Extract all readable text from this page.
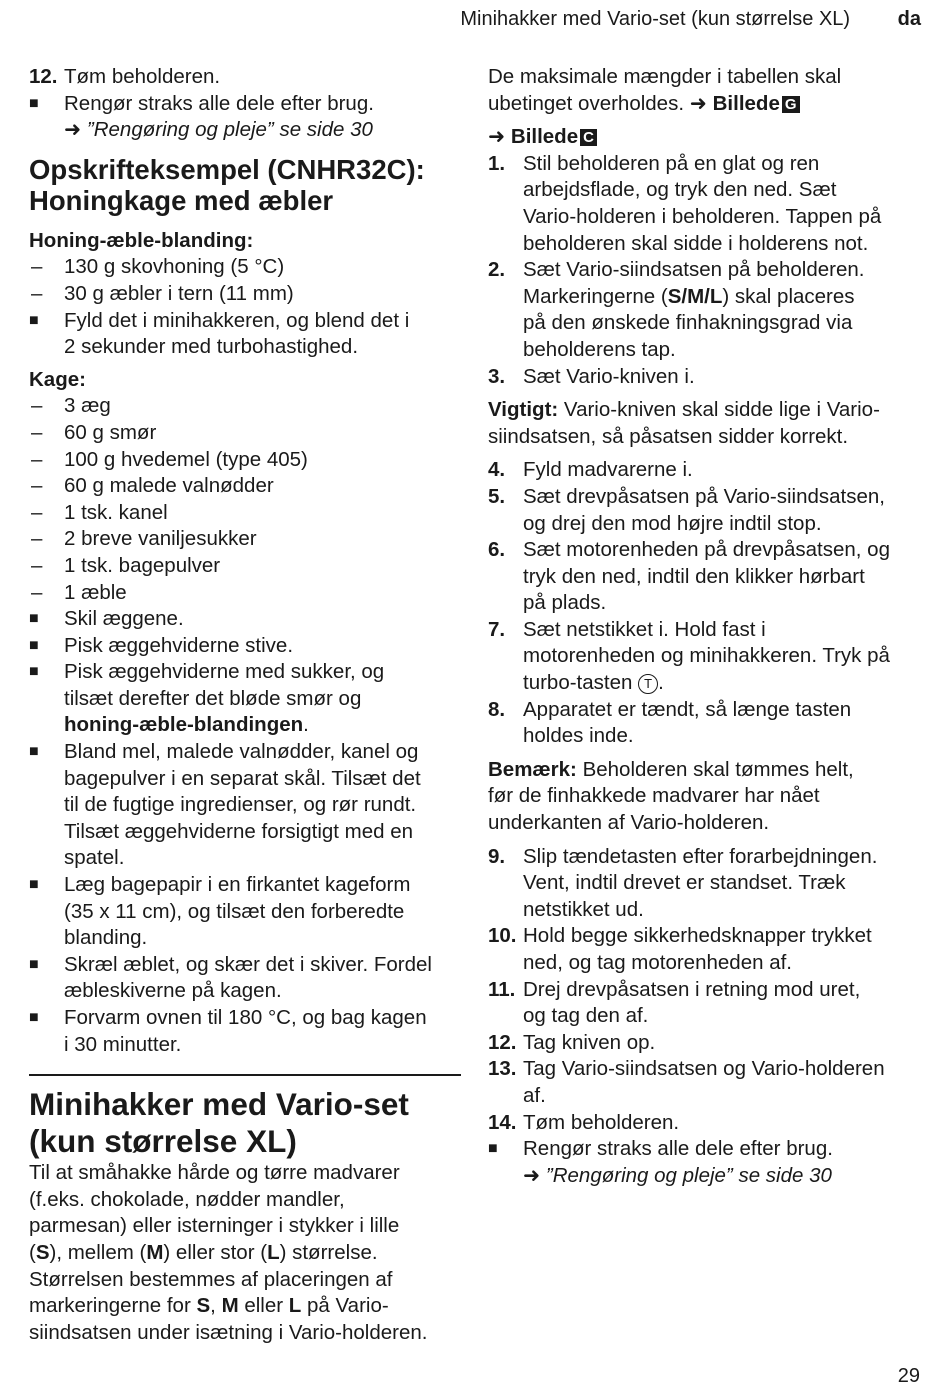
Minihakker med Vario-set (kun størrelse XL) da
12. Tøm beholderen.
■ Rengør straks alle dele efter brug.
➜ ”Rengøring og pleje” se side 30
Opskrifteksempel (CNHR32C):
Honingkage med æbler
Honing-æble-blanding:
– 130 g skovhoning (5 °C)
– 30 g æbler i tern (11 mm)
■ Fyld det i minihakkeren, og blend det i
2 sekunder med turbohastighed.
Kage:
– 3 æg
– 60 g smør
– 100 g hvedemel (type 405)
– 60 g malede valnødder
– 1 tsk. kanel
– 2 breve vaniljesukker
– 1 tsk. bagepulver
– 1 æble
■ Skil æggene.
■ Pisk æggehviderne stive.
■ Pisk æggehviderne med sukker, og
tilsæt derefter det bløde smør og
honing-æble-blandingen.
■ Bland mel, malede valnødder, kanel og
bagepulver i en separat skål. Tilsæt det
til de fugtige ingredienser, og rør rundt.
Tilsæt æggehviderne forsigtigt med en
spatel.
■ Læg bagepapir i en firkantet kageform
(35 x 11 cm), og tilsæt den forberedte
blanding.
■ Skræl æblet, og skær det i skiver. Fordel
æbleskiverne på kagen.
■ Forvarm ovnen til 180 °C, og bag kagen
i 30 minutter.
Minihakker med Vario-set
(kun størrelse XL)

Til at småhakke hårde og tørre madvarer
(f.eks. chokolade, nødder mandler,
parmesan) eller isterninger i stykker i lille
(S), mellem (M) eller stor (L) størrelse.
Størrelsen bestemmes af placeringen af
markeringerne for S, M eller L på Vario-
siindsatsen under isætning i Vario-holderen.

De maksimale mængder i tabellen skal
ubetinget overholdes. ➜ Billede G

➜ Billede C
1. Stil beholderen på en glat og ren
arbejdsflade, og tryk den ned. Sæt
Vario-holderen i beholderen. Tappen på
beholderen skal sidde i holderens not.
2. Sæt Vario-siindsatsen på beholderen.
Markeringerne (S/M/L) skal placeres
på den ønskede finhakningsgrad via
beholderens tap.
3. Sæt Vario-kniven i.

Vigtigt: Vario-kniven skal sidde lige i Vario-
siindsatsen, så påsatsen sidder korrekt.

4. Fyld madvarerne i.
5. Sæt drevpåsatsen på Vario-siindsatsen,
og drej den mod højre indtil stop.
6. Sæt motorenheden på drevpåsatsen, og
tryk den ned, indtil den klikker hørbart
på plads.
7. Sæt netstikket i. Hold fast i
motorenheden og minihakkeren. Tryk på
turbo-tasten T .
8. Apparatet er tændt, så længe tasten
holdes inde.

Bemærk: Beholderen skal tømmes helt,
før de finhakkede madvarer har nået
underkanten af Vario-holderen.

9. Slip tændetasten efter forarbejdningen.
Vent, indtil drevet er standset. Træk
netstikket ud.
10. Hold begge sikkerhedsknapper trykket
ned, og tag motorenheden af.
11. Drej drevpåsatsen i retning mod uret,
og tag den af.
12. Tag kniven op.
13. Tag Vario-siindsatsen og Vario-holderen
af.
14. Tøm beholderen.
■ Rengør straks alle dele efter brug.
➜ ”Rengøring og pleje” se side 30
29
